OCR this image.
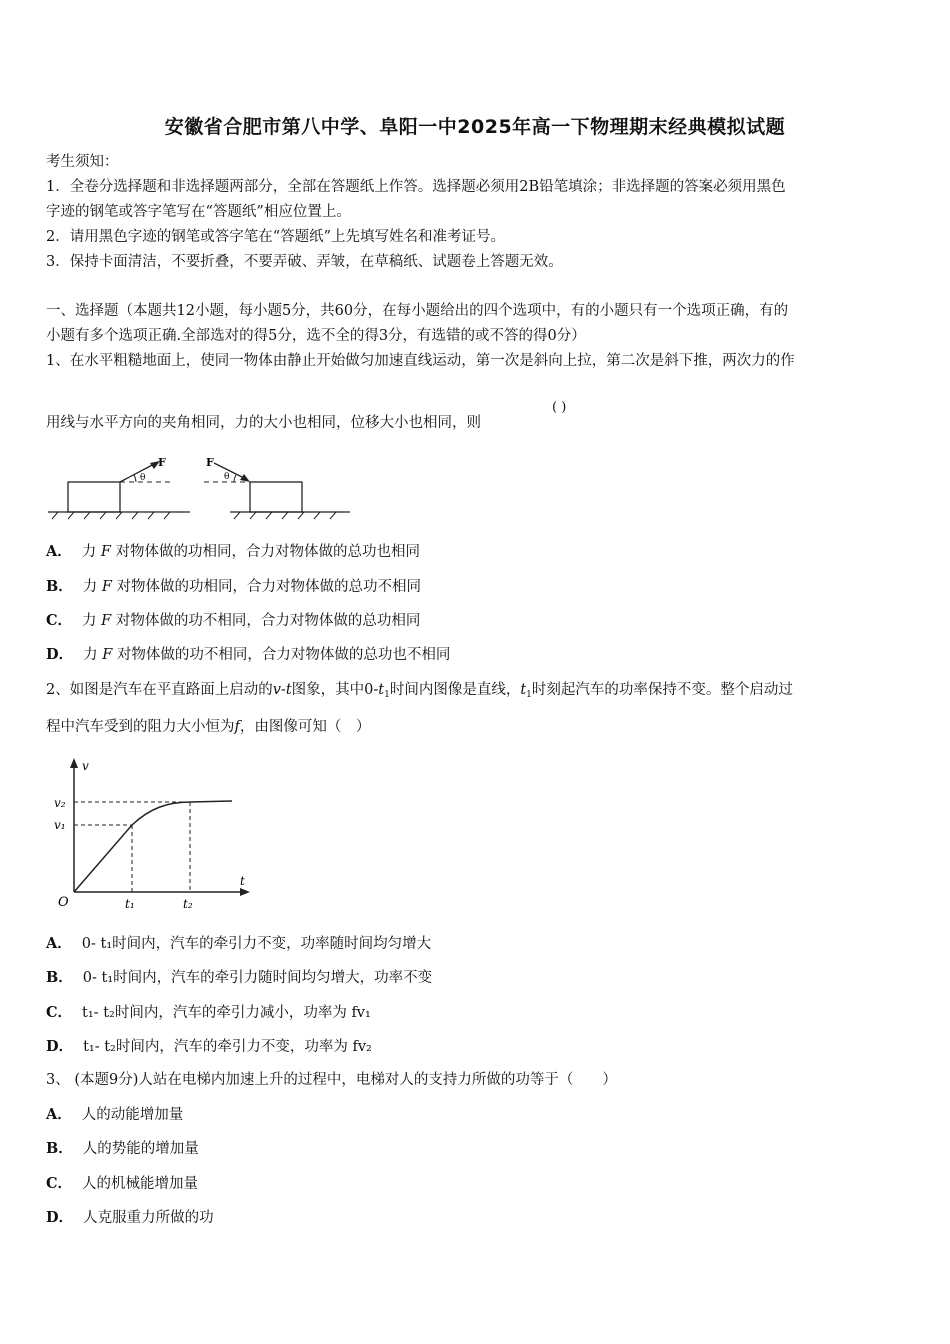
安徽省合肥市第八中学、阜阳一中2025年高一下物理期末经典模拟试题
考生须知：
1．全卷分选择题和非选择题两部分，全部在答题纸上作答。选择题必须用2B铅笔填涂；非选择题的答案必须用黑色
字迹的钢笔或答字笔写在“答题纸”相应位置上。
2．请用黑色字迹的钢笔或答字笔在“答题纸”上先填写姓名和准考证号。
3．保持卡面清洁，不要折叠，不要弄破、弄皱，在草稿纸、试题卷上答题无效。
一、选择题（本题共12小题，每小题5分，共60分，在每小题给出的四个选项中，有的小题只有一个选项正确，有的
小题有多个选项正确.全部选对的得5分，选不全的得3分，有选错的或不答的得0分）
1、在水平粗糙地面上，使同一物体由静止开始做匀加速直线运动，第一次是斜向上拉，第二次是斜下推，两次力的作
用线与水平方向的夹角相同，力的大小也相同，位移大小也相同，则
( )
F
θ
F
θ
A． 力 F 对物体做的功相同，合力对物体做的总功也相同
B． 力 F 对物体做的功相同，合力对物体做的总功不相同
C． 力 F 对物体做的功不相同，合力对物体做的总功相同
D． 力 F 对物体做的功不相同，合力对物体做的总功也不相同
2、如图是汽车在平直路面上启动的v-t图象，其中$0-t_1$时间内图像是直线，$t_1$时刻起汽车的功率保持不变。整个启动过
程中汽车受到的阻力大小恒为f，由图像可知（　）
v
v₂
v₁
O
t
t₁	t₂
A． 0- t₁时间内，汽车的牵引力不变，功率随时间均匀增大
B． 0- t₁时间内，汽车的牵引力随时间均匀增大，功率不变
C． t₁- t₂时间内，汽车的牵引力减小，功率为 fv₁
D． t₁- t₂时间内，汽车的牵引力不变，功率为 fv₂
3、 (本题9分)人站在电梯内加速上升的过程中，电梯对人的支持力所做的功等于（　　）
A． 人的动能增加量
B． 人的势能的增加量
C． 人的机械能增加量
D． 人克服重力所做的功
